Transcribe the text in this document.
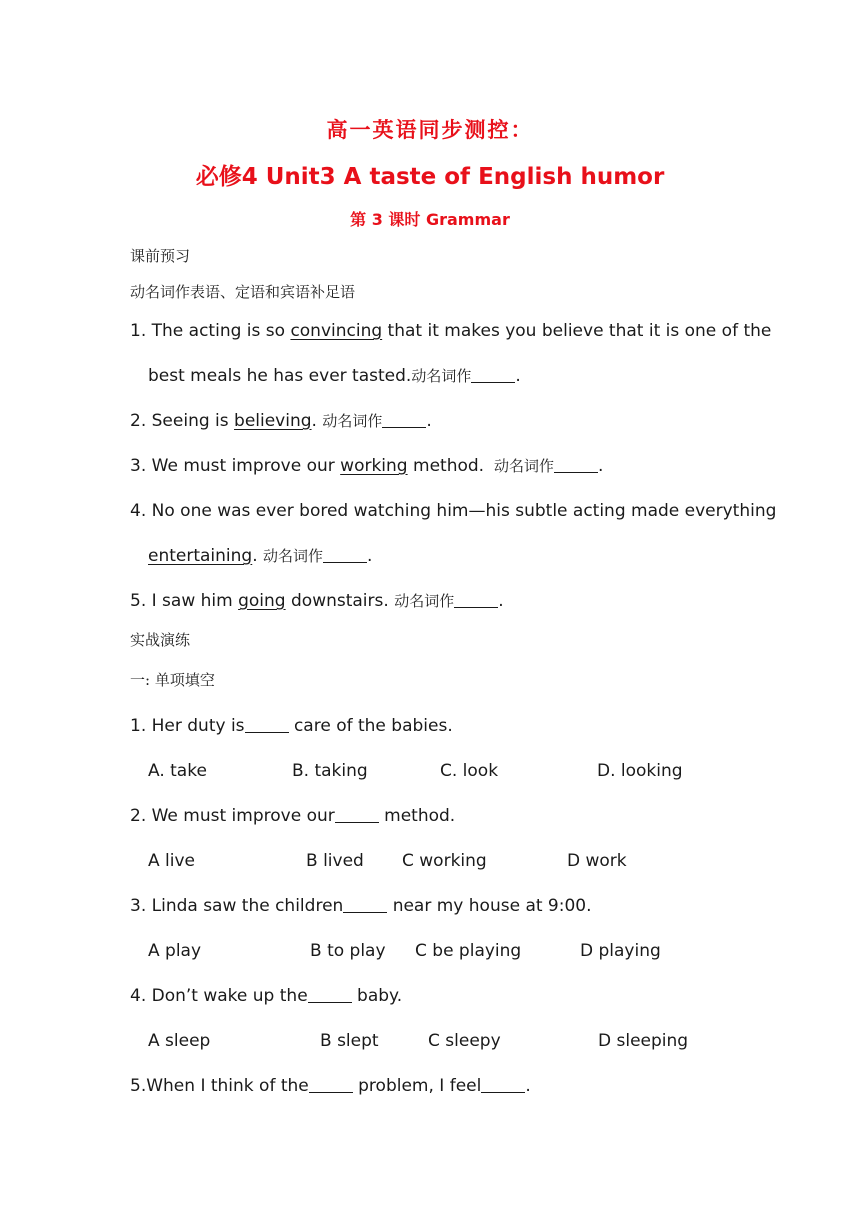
高一英语同步测控：
必修4 Unit3 A taste of English humor
第 3 课时 Grammar
课前预习
动名词作表语、定语和宾语补足语
1. The acting is so convincing that it makes you believe that it is one of the
best meals he has ever tasted.动名词作	.
2. Seeing is believing. 动名词作	.
3. We must improve our working method. 动名词作	.
4. No one was ever bored watching him—his subtle acting made everything
entertaining. 动名词作	.
5. I saw him going downstairs. 动名词作	.
实战演练
一: 单项填空
1. Her duty is	care of the babies.
A. take	B. taking	C. look	D. looking
2. We must improve our	method.
A live	B lived C working	D work
3. Linda saw the children	near my house at 9:00.
A play	B to play C be playing	D playing
4. Don’t wake up the	baby.
A sleep	B slept	C sleepy	D sleeping
5.When I think of the	problem, I feel	.
